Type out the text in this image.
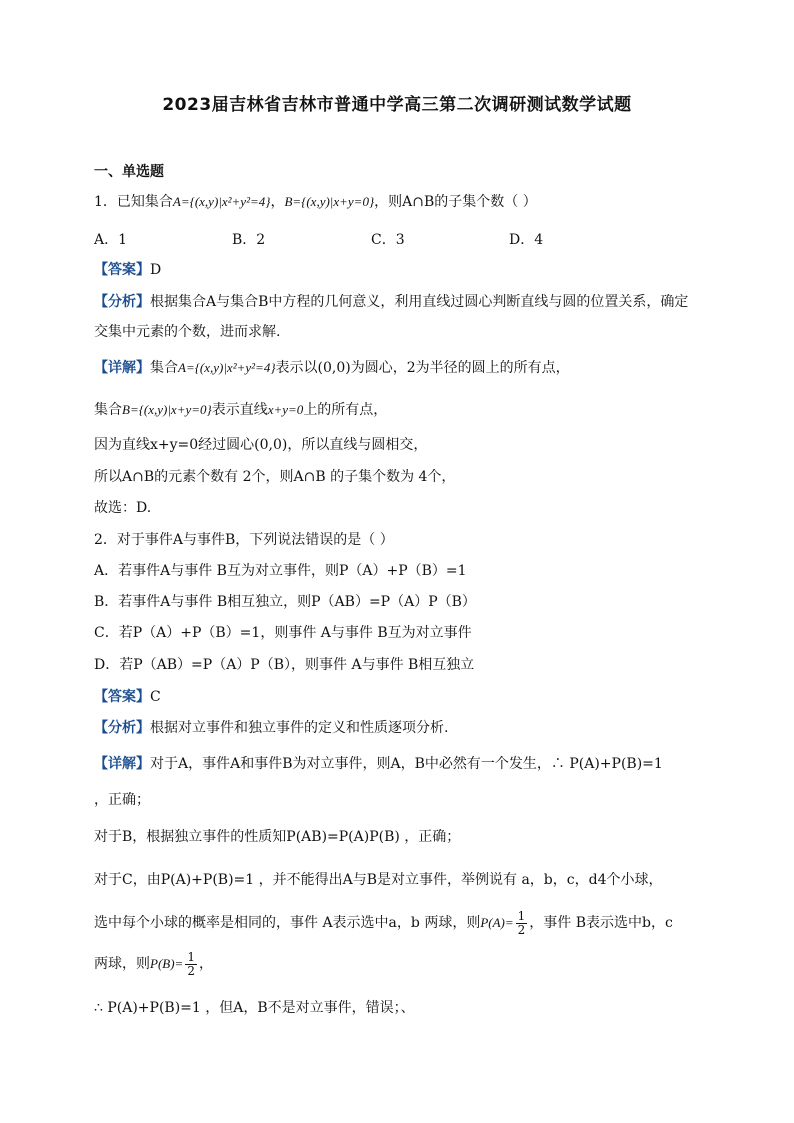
2023届吉林省吉林市普通中学高三第二次调研测试数学试题
一、单选题
1．已知集合A={(x,y)|x²+y²=4}，B={(x,y)|x+y=0}，则A∩B的子集个数（ ）
A．1	B．2	C．3	D．4
【答案】D
【分析】根据集合A与集合B中方程的几何意义，利用直线过圆心判断直线与圆的位置关系，确定
交集中元素的个数，进而求解.
【详解】集合A={(x,y)|x²+y²=4}表示以(0,0)为圆心，2为半径的圆上的所有点，
集合B={(x,y)|x+y=0}表示直线x+y=0上的所有点，
因为直线x+y=0经过圆心(0,0)，所以直线与圆相交，
所以A∩B的元素个数有 2个，则A∩B 的子集个数为 4个，
故选：D.
2．对于事件A与事件B，下列说法错误的是（ ）
A．若事件A与事件 B互为对立事件，则P（A）+P（B）=1
B．若事件A与事件 B相互独立，则P（AB）=P（A）P（B）
C．若P（A）+P（B）=1，则事件 A与事件 B互为对立事件
D．若P（AB）=P（A）P（B），则事件 A与事件 B相互独立
【答案】C
【分析】根据对立事件和独立事件的定义和性质逐项分析.
【详解】对于A，事件A和事件B为对立事件，则A，B中必然有一个发生，∴ P(A)+P(B)=1
，正确；
对于B，根据独立事件的性质知P(AB)=P(A)P(B) ，正确；
对于C，由P(A)+P(B)=1 ，并不能得出A与B是对立事件，举例说有 a，b，c，d4个小球，
选中每个小球的概率是相同的，事件 A表示选中a，b 两球，则$P(A)= \frac{1}{2}$ ，事件 B表示选中b，c
两球，则$P(B)= \frac{1}{2}$ ，
∴ P(A)+P(B)=1 ，但A，B不是对立事件，错误；、
